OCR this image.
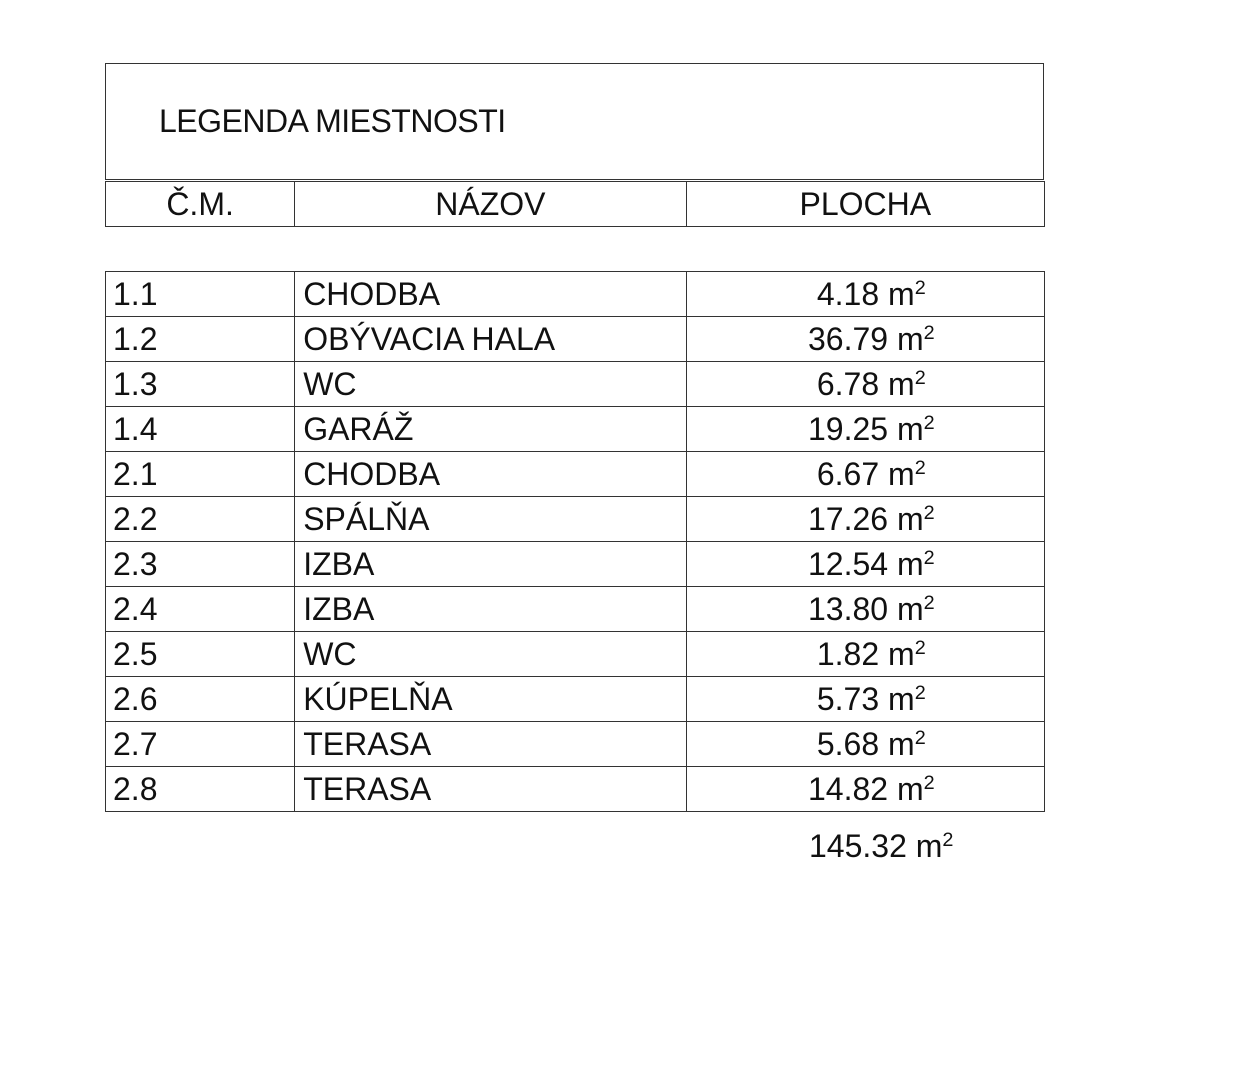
LEGENDA MIESTNOSTI
Č.M.	NÁZOV	PLOCHA
1.1	CHODBA	4.18 $m^2$
1.2	OBÝVACIA HALA	36.79 $m^2$
1.3	WC	6.78 $m^2$
1.4	GARÁŽ	19.25 $m^2$
2.1	CHODBA	6.67 $m^2$
2.2	SPÁLŇA	17.26 $m^2$
2.3	IZBA	12.54 $m^2$
2.4	IZBA	13.80 $m^2$
2.5	WC	1.82 $m^2$
2.6	KÚPELŇA	5.73 $m^2$
2.7	TERASA	5.68 $m^2$
2.8	TERASA	14.82 $m^2$
145.32 $m^2$
